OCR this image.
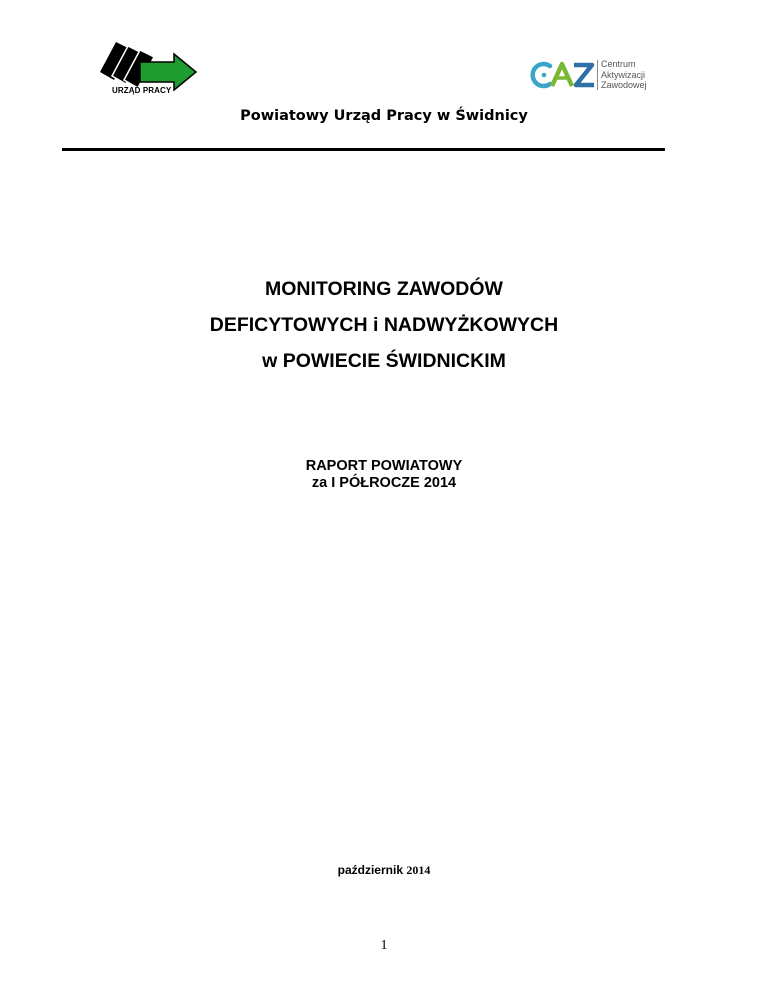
URZĄD PRACY
Centrum
Aktywizacji
Zawodowej
Powiatowy Urząd Pracy w Świdnicy
MONITORING ZAWODÓW
DEFICYTOWYCH i NADWYŻKOWYCH
w POWIECIE ŚWIDNICKIM
RAPORT POWIATOWY
za I PÓŁROCZE 2014
październik 2014
1
